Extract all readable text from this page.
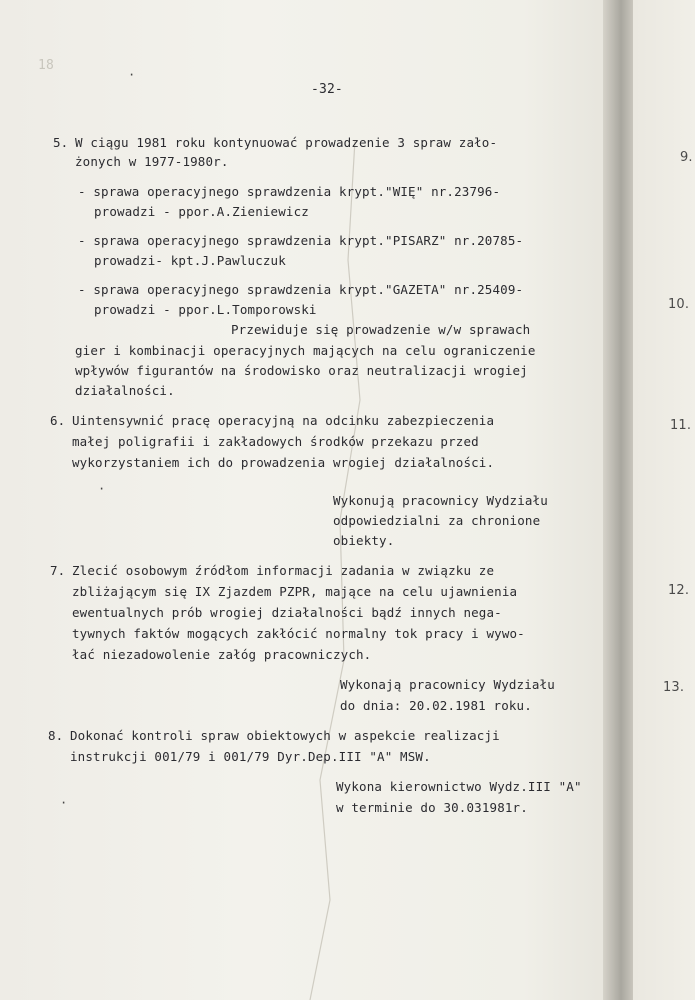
18
-32-
5. W ciągu 1981 roku kontynuować prowadzenie 3 spraw zało-
żonych w 1977-1980r.
- sprawa operacyjnego sprawdzenia krypt."WIĘ" nr.23796-
prowadzi - ppor.A.Zieniewicz
- sprawa operacyjnego sprawdzenia krypt."PISARZ" nr.20785-
prowadzi- kpt.J.Pawluczuk
- sprawa operacyjnego sprawdzenia krypt."GAZETA" nr.25409-
prowadzi - ppor.L.Tomporowski
Przewiduje się prowadzenie w/w sprawach
gier i kombinacji operacyjnych mających na celu ograniczenie
wpływów figurantów na środowisko oraz neutralizacji wrogiej
działalności.
6. Uintensywnić pracę operacyjną na odcinku zabezpieczenia
małej poligrafii i zakładowych środków przekazu przed
wykorzystaniem ich do prowadzenia wrogiej działalności.
Wykonują pracownicy Wydziału
odpowiedzialni za chronione
obiekty.
7. Zlecić osobowym źródłom informacji zadania w związku ze
zbliżającym się IX Zjazdem PZPR, mające na celu ujawnienia
ewentualnych prób wrogiej działalności bądź innych nega-
tywnych faktów mogących zakłócić normalny tok pracy i wywo-
łać niezadowolenie załóg pracowniczych.
Wykonają pracownicy Wydziału
do dnia: 20.02.1981 roku.
8. Dokonać kontroli spraw obiektowych w aspekcie realizacji
instrukcji 001/79 i 001/79 Dyr.Dep.III "A" MSW.
Wykona kierownictwo Wydz.III "A"
w terminie do 30.031981r.
·
·
·
9.
10.
11.
12.
13.
